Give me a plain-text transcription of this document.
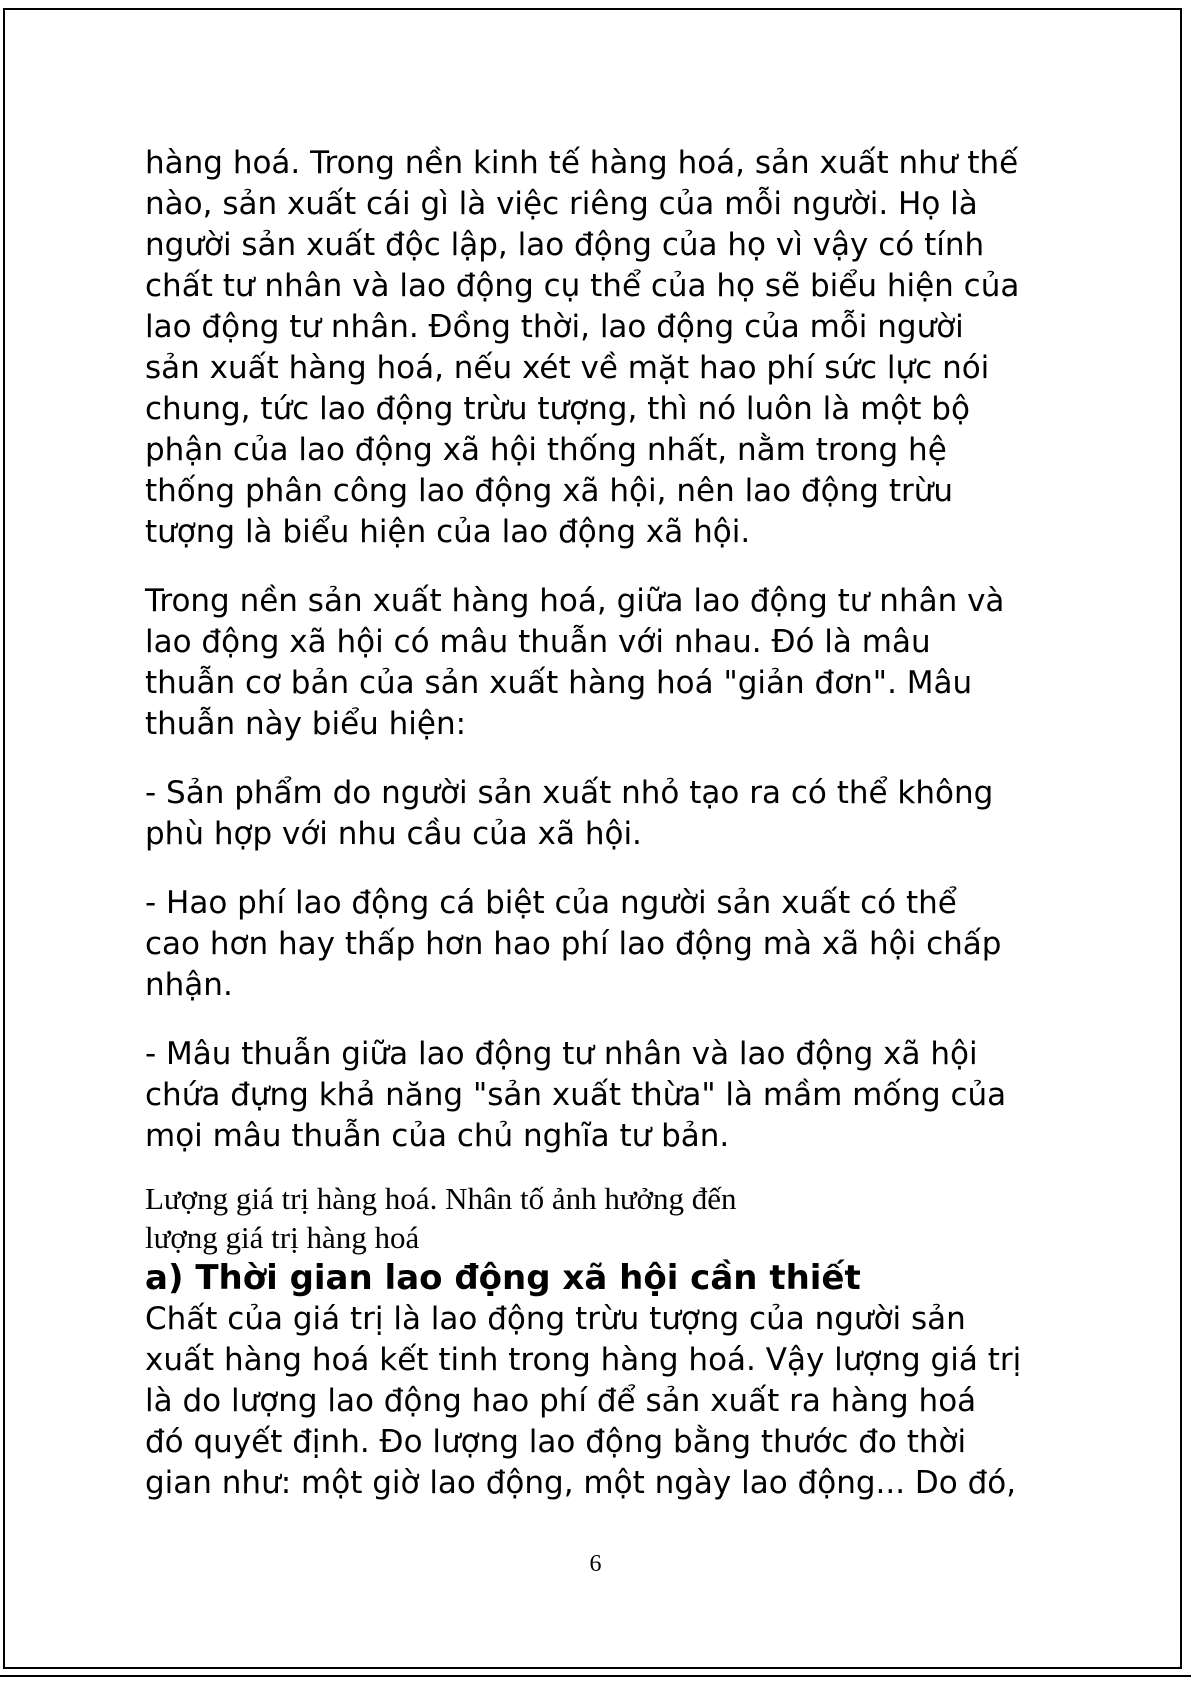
hàng hoá. Trong nền kinh tế hàng hoá, sản xuất như thế
nào, sản xuất cái gì là việc riêng của mỗi người. Họ là
người sản xuất độc lập, lao động của họ vì vậy có tính
chất tư nhân và lao động cụ thể của họ sẽ biểu hiện của
lao động tư nhân. Đồng thời, lao động của mỗi người
sản xuất hàng hoá, nếu xét về mặt hao phí sức lực nói
chung, tức lao động trừu tượng, thì nó luôn là một bộ
phận của lao động xã hội thống nhất, nằm trong hệ
thống phân công lao động xã hội, nên lao động trừu
tượng là biểu hiện của lao động xã hội.

Trong nền sản xuất hàng hoá, giữa lao động tư nhân và
lao động xã hội có mâu thuẫn với nhau. Đó là mâu
thuẫn cơ bản của sản xuất hàng hoá "giản đơn". Mâu
thuẫn này biểu hiện:

- Sản phẩm do người sản xuất nhỏ tạo ra có thể không
phù hợp với nhu cầu của xã hội.

- Hao phí lao động cá biệt của người sản xuất có thể
cao hơn hay thấp hơn hao phí lao động mà xã hội chấp
nhận.

- Mâu thuẫn giữa lao động tư nhân và lao động xã hội
chứa đựng khả năng "sản xuất thừa" là mầm mống của
mọi mâu thuẫn của chủ nghĩa tư bản.

Lượng giá trị hàng hoá. Nhân tố ảnh hưởng đến
lượng giá trị hàng hoá

a) Thời gian lao động xã hội cần thiết

Chất của giá trị là lao động trừu tượng của người sản
xuất hàng hoá kết tinh trong hàng hoá. Vậy lượng giá trị
là do lượng lao động hao phí để sản xuất ra hàng hoá
đó quyết định. Đo lượng lao động bằng thước đo thời
gian như: một giờ lao động, một ngày lao động... Do đó,

6
